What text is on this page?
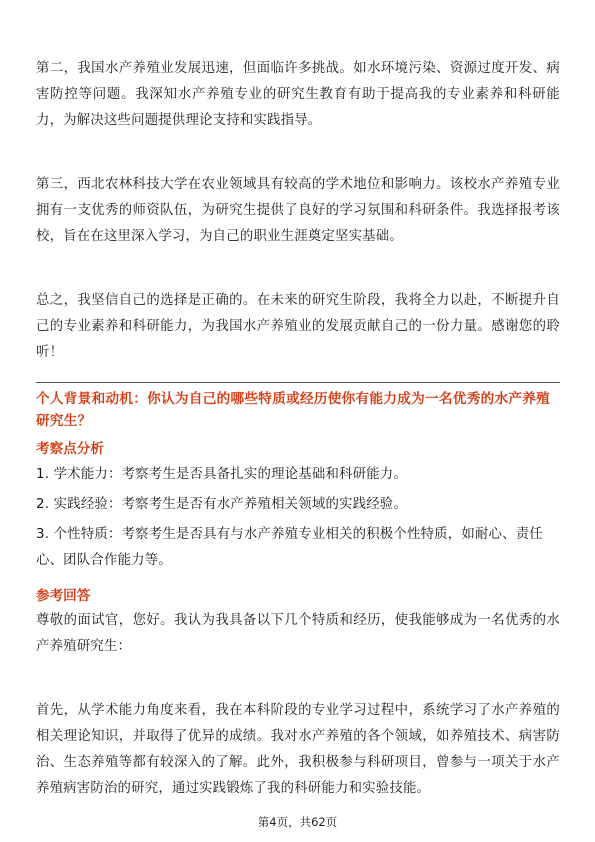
第二，我国水产养殖业发展迅速，但面临许多挑战。如水环境污染、资源过度开发、病害防控等问题。我深知水产养殖专业的研究生教育有助于提高我的专业素养和科研能力，为解决这些问题提供理论支持和实践指导。

第三，西北农林科技大学在农业领域具有较高的学术地位和影响力。该校水产养殖专业拥有一支优秀的师资队伍，为研究生提供了良好的学习氛围和科研条件。我选择报考该校，旨在在这里深入学习，为自己的职业生涯奠定坚实基础。

总之，我坚信自己的选择是正确的。在未来的研究生阶段，我将全力以赴，不断提升自己的专业素养和科研能力，为我国水产养殖业的发展贡献自己的一份力量。感谢您的聆听！

个人背景和动机：你认为自己的哪些特质或经历使你有能力成为一名优秀的水产养殖研究生？
考察点分析
1. 学术能力：考察考生是否具备扎实的理论基础和科研能力。
2. 实践经验：考察考生是否有水产养殖相关领域的实践经验。
3. 个性特质：考察考生是否具有与水产养殖专业相关的积极个性特质，如耐心、责任心、团队合作能力等。
参考回答

尊敬的面试官，您好。我认为我具备以下几个特质和经历，使我能够成为一名优秀的水产养殖研究生：

首先，从学术能力角度来看，我在本科阶段的专业学习过程中，系统学习了水产养殖的相关理论知识，并取得了优异的成绩。我对水产养殖的各个领域，如养殖技术、病害防治、生态养殖等都有较深入的了解。此外，我积极参与科研项目，曾参与一项关于水产养殖病害防治的研究，通过实践锻炼了我的科研能力和实验技能。

第4页，共62页
